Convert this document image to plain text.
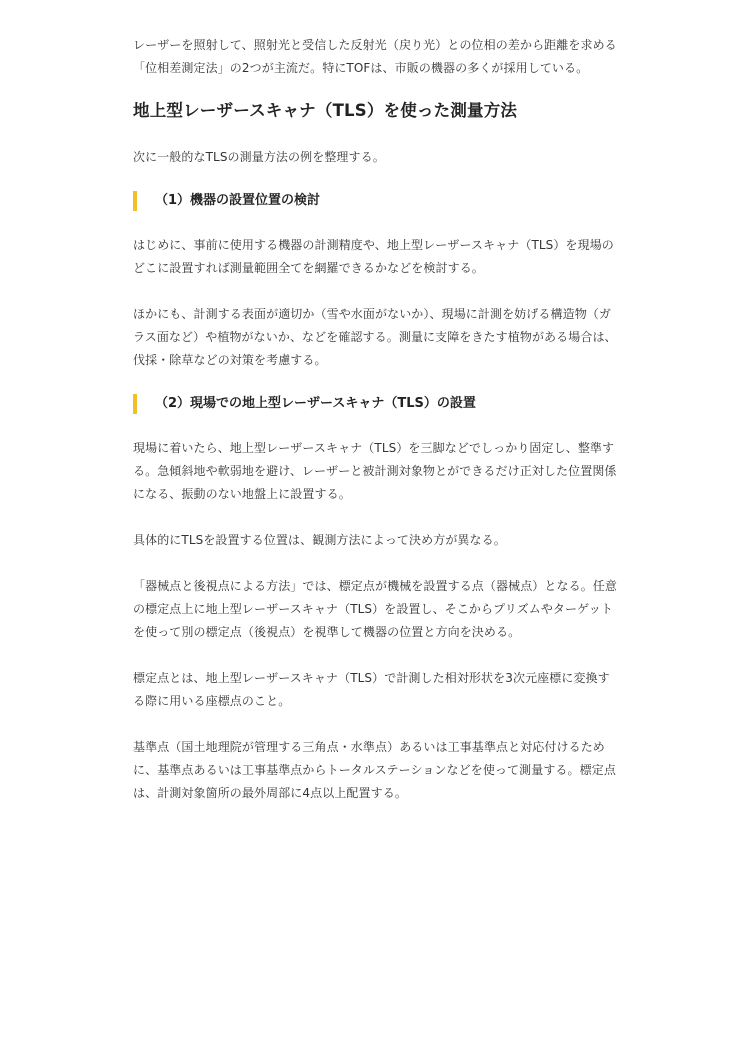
レーザーを照射して、照射光と受信した反射光（戻り光）との位相の差から距離を求める「位相差測定法」の2つが主流だ。特にTOFは、市販の機器の多くが採用している。

地上型レーザースキャナ（TLS）を使った測量方法

次に一般的なTLSの測量方法の例を整理する。

（1）機器の設置位置の検討

はじめに、事前に使用する機器の計測精度や、地上型レーザースキャナ（TLS）を現場のどこに設置すれば測量範囲全てを網羅できるかなどを検討する。

ほかにも、計測する表面が適切か（雪や水面がないか）、現場に計測を妨げる構造物（ガラス面など）や植物がないか、などを確認する。測量に支障をきたす植物がある場合は、伐採・除草などの対策を考慮する。

（2）現場での地上型レーザースキャナ（TLS）の設置

現場に着いたら、地上型レーザースキャナ（TLS）を三脚などでしっかり固定し、整準する。急傾斜地や軟弱地を避け、レーザーと被計測対象物とができるだけ正対した位置関係になる、振動のない地盤上に設置する。

具体的にTLSを設置する位置は、観測方法によって決め方が異なる。

「器械点と後視点による方法」では、標定点が機械を設置する点（器械点）となる。任意の標定点上に地上型レーザースキャナ（TLS）を設置し、そこからプリズムやターゲットを使って別の標定点（後視点）を視準して機器の位置と方向を決める。

標定点とは、地上型レーザースキャナ（TLS）で計測した相対形状を3次元座標に変換する際に用いる座標点のこと。

基準点（国土地理院が管理する三角点・水準点）あるいは工事基準点と対応付けるために、基準点あるいは工事基準点からトータルステーションなどを使って測量する。標定点は、計測対象箇所の最外周部に4点以上配置する。
